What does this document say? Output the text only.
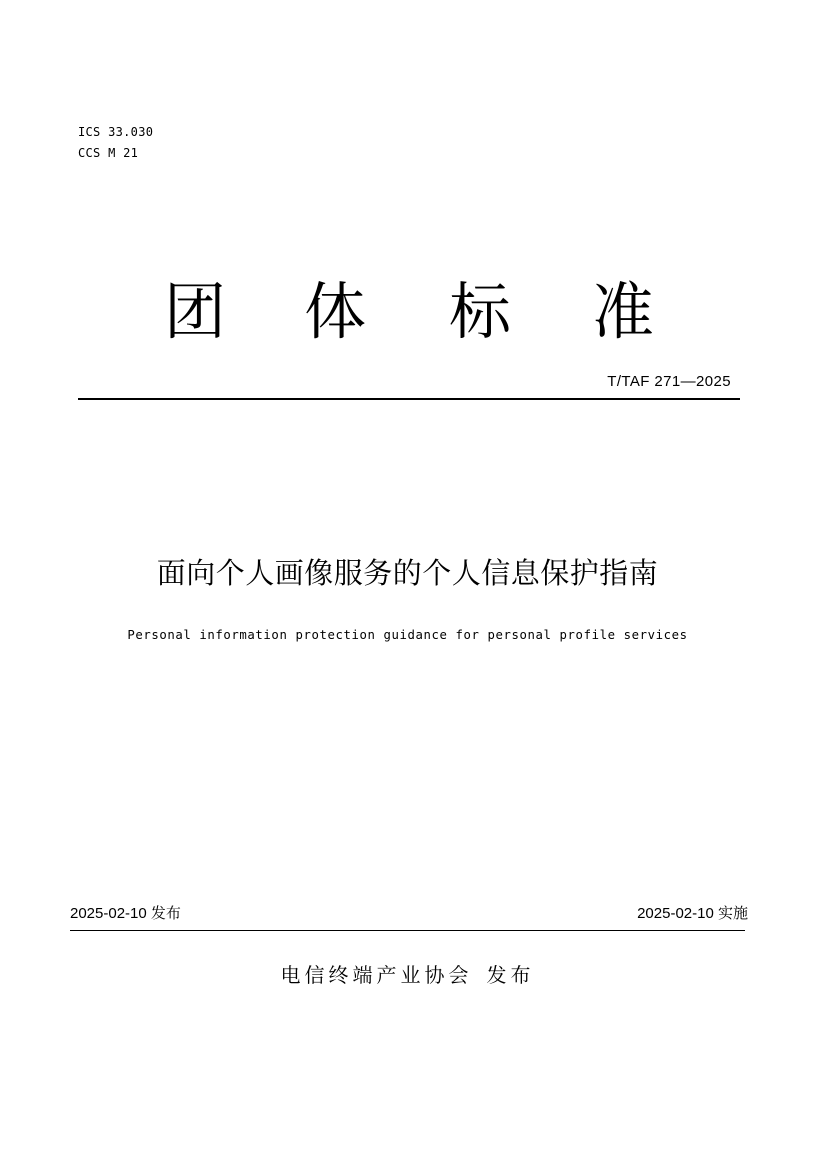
ICS 33.030
CCS M 21
团 体 标 准
T/TAF 271—2025
面向个人画像服务的个人信息保护指南
Personal information protection guidance for personal profile services
2025-02-10 发布	2025-02-10 实施
电信终端产业协会 发布
